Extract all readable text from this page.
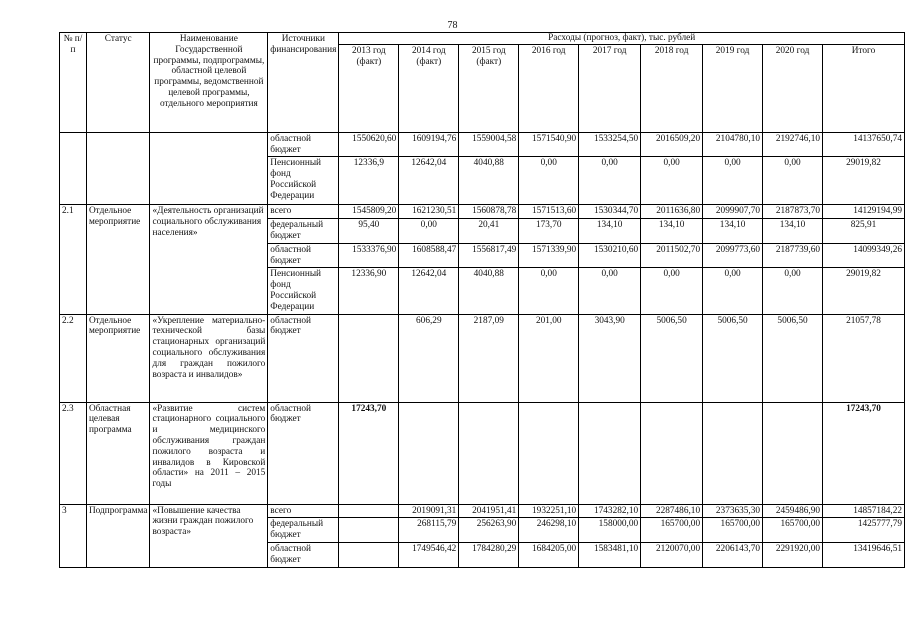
78
№ п/п	Статус	Наименование Государственной программы, подпрограммы, областной целевой программы, ведомственной целевой программы, отдельного мероприятия	Источники финансирования	Расходы (прогноз, факт), тыс. рублей								
				2013 год (факт)	2014 год (факт)	2015 год (факт)	2016 год	2017 год	2018 год	2019 год	2020 год	Итого
			областной бюджет	1550620,60	1609194,76	1559004,58	1571540,90	1533254,50	2016509,20	2104780,10	2192746,10	14137650,74
			Пенсионный фонд Российской Федерации	12336,9	12642,04	4040,88	0,00	0,00	0,00	0,00	0,00	29019,82
2.1	Отдельное мероприятие	«Деятельность организаций социального обслуживания населения»	всего	1545809,20	1621230,51	1560878,78	1571513,60	1530344,70	2011636,80	2099907,70	2187873,70	14129194,99
			федеральный бюджет	95,40	0,00	20,41	173,70	134,10	134,10	134,10	134,10	825,91
			областной бюджет	1533376,90	1608588,47	1556817,49	1571339,90	1530210,60	2011502,70	2099773,60	2187739,60	14099349,26
			Пенсионный фонд Российской Федерации	12336,90	12642,04	4040,88	0,00	0,00	0,00	0,00	0,00	29019,82
2.2	Отдельное мероприятие	«Укрепление материально-технической базы стационарных организаций социального обслуживания для граждан пожилого возраста и инвалидов»	областной бюджет		606,29	2187,09	201,00	3043,90	5006,50	5006,50	5006,50	21057,78
2.3	Областная целевая программа	«Развитие систем стационарного социального и медицинского обслуживания граждан пожилого возраста и инвалидов в Кировской области» на 2011 – 2015 годы	областной бюджет	17243,70								17243,70
3	Подпрограмма	«Повышение качества жизни граждан пожилого возраста»	всего		2019091,31	2041951,41	1932251,10	1743282,10	2287486,10	2373635,30	2459486,90	14857184,22
			федеральный бюджет		268115,79	256263,90	246298,10	158000,00	165700,00	165700,00	165700,00	1425777,79
			областной бюджет		1749546,42	1784280,29	1684205,00	1583481,10	2120070,00	2206143,70	2291920,00	13419646,51
